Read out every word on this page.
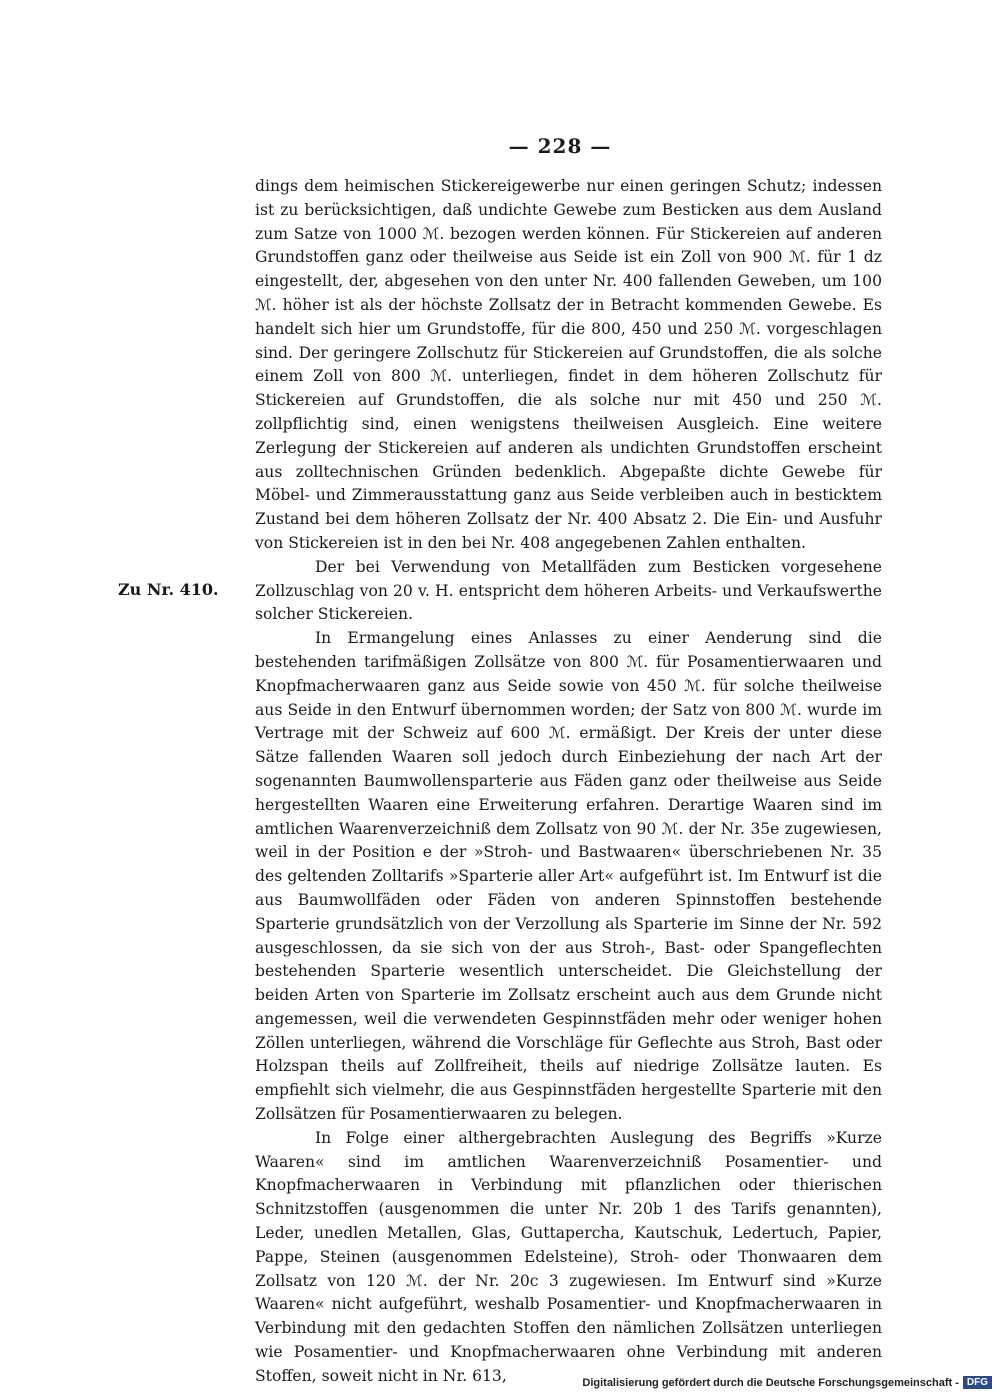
— 228 —
Zu Nr. 410.

dings dem heimischen Stickereigewerbe nur einen geringen Schutz; indessen ist zu berücksichtigen, daß undichte Gewebe zum Besticken aus dem Ausland zum Satze von 1000 ℳ. bezogen werden können. Für Stickereien auf anderen Grundstoffen ganz oder theilweise aus Seide ist ein Zoll von 900 ℳ. für 1 dz eingestellt, der, abgesehen von den unter Nr. 400 fallenden Geweben, um 100 ℳ. höher ist als der höchste Zollsatz der in Betracht kommenden Gewebe. Es handelt sich hier um Grundstoffe, für die 800, 450 und 250 ℳ. vorgeschlagen sind. Der geringere Zollschutz für Stickereien auf Grundstoffen, die als solche einem Zoll von 800 ℳ. unterliegen, findet in dem höheren Zollschutz für Stickereien auf Grundstoffen, die als solche nur mit 450 und 250 ℳ. zollpflichtig sind, einen wenigstens theilweisen Ausgleich. Eine weitere Zerlegung der Stickereien auf anderen als undichten Grundstoffen erscheint aus zolltechnischen Gründen bedenklich. Abgepaßte dichte Gewebe für Möbel- und Zimmerausstattung ganz aus Seide verbleiben auch in besticktem Zustand bei dem höheren Zollsatz der Nr. 400 Absatz 2. Die Ein- und Ausfuhr von Stickereien ist in den bei Nr. 408 angegebenen Zahlen enthalten.

Der bei Verwendung von Metallfäden zum Besticken vorgesehene Zollzuschlag von 20 v. H. entspricht dem höheren Arbeits- und Verkaufswerthe solcher Stickereien.

In Ermangelung eines Anlasses zu einer Aenderung sind die bestehenden tarifmäßigen Zollsätze von 800 ℳ. für Posamentierwaaren und Knopfmacherwaaren ganz aus Seide sowie von 450 ℳ. für solche theilweise aus Seide in den Entwurf übernommen worden; der Satz von 800 ℳ. wurde im Vertrage mit der Schweiz auf 600 ℳ. ermäßigt. Der Kreis der unter diese Sätze fallenden Waaren soll jedoch durch Einbeziehung der nach Art der sogenannten Baumwollensparterie aus Fäden ganz oder theilweise aus Seide hergestellten Waaren eine Erweiterung erfahren. Derartige Waaren sind im amtlichen Waarenverzeichniß dem Zollsatz von 90 ℳ. der Nr. 35e zugewiesen, weil in der Position e der »Stroh- und Bastwaaren« überschriebenen Nr. 35 des geltenden Zolltarifs »Sparterie aller Art« aufgeführt ist. Im Entwurf ist die aus Baumwollfäden oder Fäden von anderen Spinnstoffen bestehende Sparterie grundsätzlich von der Verzollung als Sparterie im Sinne der Nr. 592 ausgeschlossen, da sie sich von der aus Stroh-, Bast- oder Spangeflechten bestehenden Sparterie wesentlich unterscheidet. Die Gleichstellung der beiden Arten von Sparterie im Zollsatz erscheint auch aus dem Grunde nicht angemessen, weil die verwendeten Gespinnstfäden mehr oder weniger hohen Zöllen unterliegen, während die Vorschläge für Geflechte aus Stroh, Bast oder Holzspan theils auf Zollfreiheit, theils auf niedrige Zollsätze lauten. Es empfiehlt sich vielmehr, die aus Gespinnstfäden hergestellte Sparterie mit den Zollsätzen für Posamentierwaaren zu belegen.

In Folge einer althergebrachten Auslegung des Begriffs »Kurze Waaren« sind im amtlichen Waarenverzeichniß Posamentier- und Knopfmacherwaaren in Verbindung mit pflanzlichen oder thierischen Schnitzstoffen (ausgenommen die unter Nr. 20b 1 des Tarifs genannten), Leder, unedlen Metallen, Glas, Guttapercha, Kautschuk, Ledertuch, Papier, Pappe, Steinen (ausgenommen Edelsteine), Stroh- oder Thonwaaren dem Zollsatz von 120 ℳ. der Nr. 20c 3 zugewiesen. Im Entwurf sind »Kurze Waaren« nicht aufgeführt, weshalb Posamentier- und Knopfmacherwaaren in Verbindung mit den gedachten Stoffen den nämlichen Zollsätzen unterliegen wie Posamentier- und Knopfmacherwaaren ohne Verbindung mit anderen Stoffen, soweit nicht in Nr. 613,	Digitalisierung gefördert durch die Deutsche Forschungsgemeinschaft - DFG
